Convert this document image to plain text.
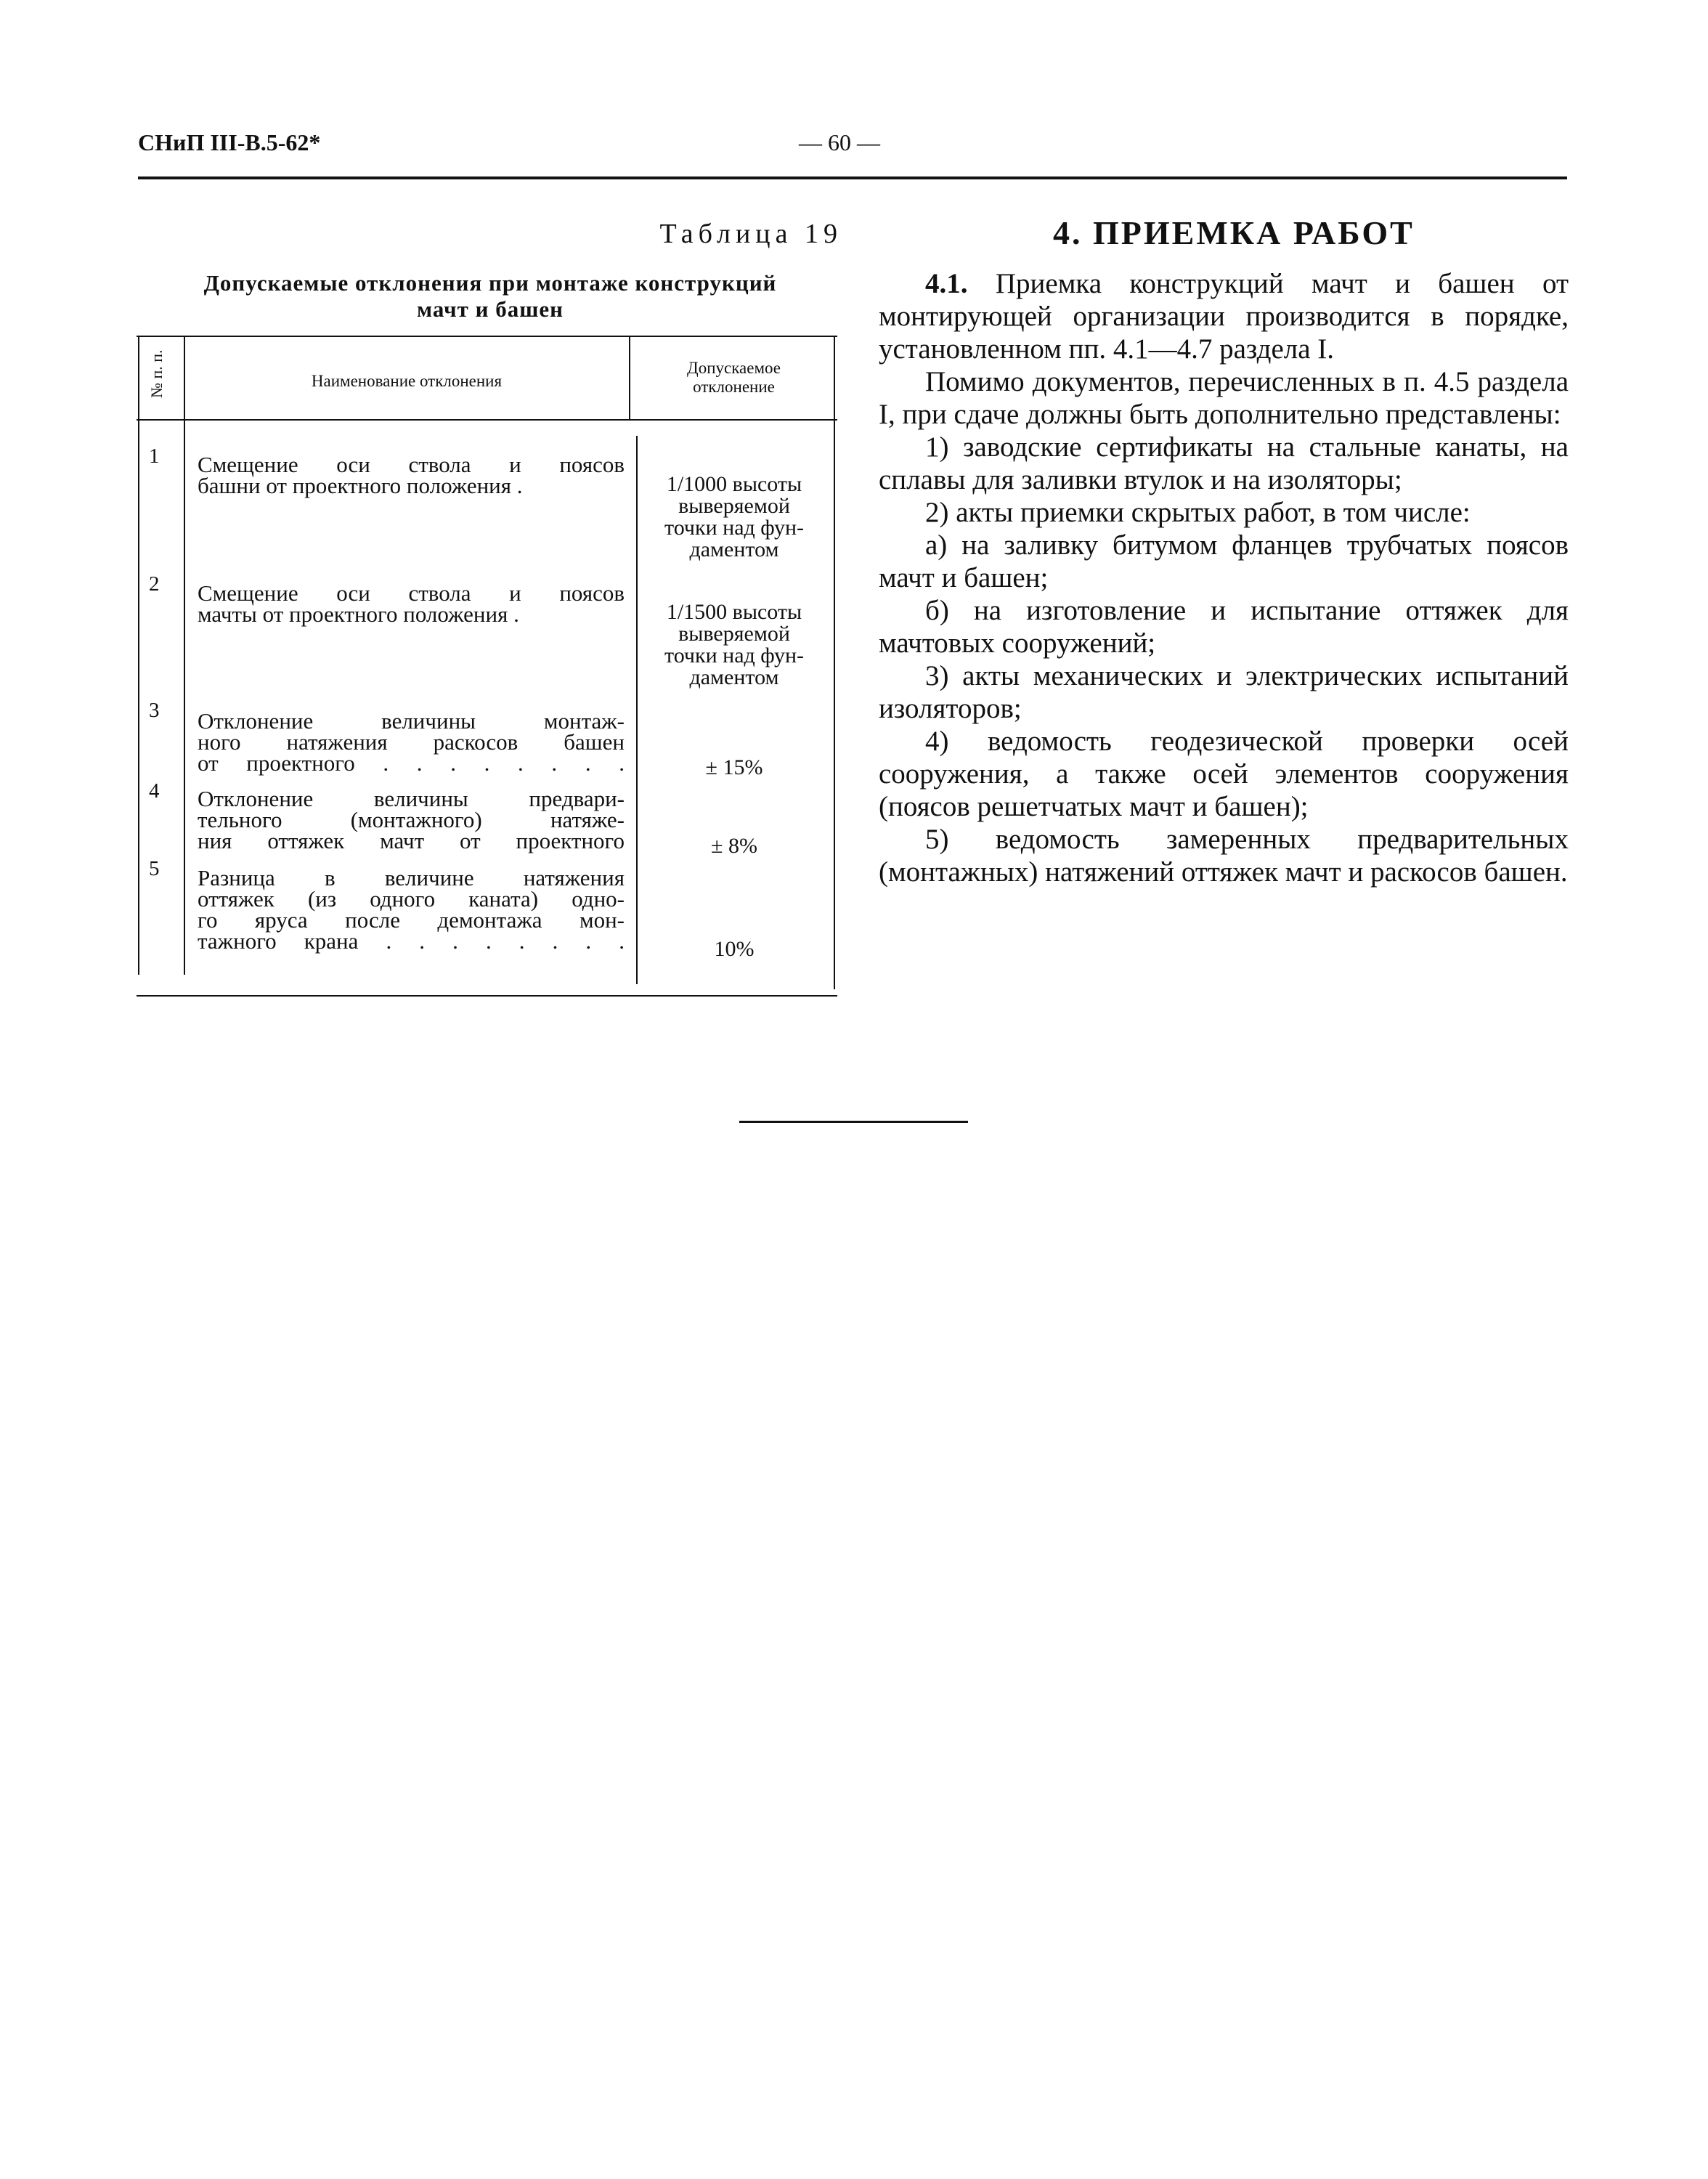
СНиП III-В.5-62*	— 60 —
Таблица 19
Допускаемые отклонения при монтаже конструкций
мачт и башен
№ п. п.	Наименование отклонения
Допускаемое
отклонение
1	Смещение оси ствола и поясов
башни от проектного положения .	1/1000 высоты
выверяемой
точки над фун-
даментом
2	Смещение оси ствола и поясов
мачты от проектного положения .	1/1500 высоты
выверяемой
точки над фун-
даментом
3	Отклонение величины монтаж-
ного натяжения раскосов башен
от проектного . . . . . . . .	± 15%
4	Отклонение величины предвари-
тельного (монтажного) натяже-
ния оттяжек мачт от проектного	± 8%
5	Разница в величине натяжения
оттяжек (из одного каната) одно-
го яруса после демонтажа мон-
тажного крана . . . . . . . .	10%
4. ПРИЕМКА РАБОТ

4.1. Приемка конструкций мачт и башен от монтирующей организации производится в порядке, установленном пп. 4.1—4.7 раздела I.

Помимо документов, перечисленных в п. 4.5 раздела I, при сдаче должны быть дополнительно представлены:

1) заводские сертификаты на стальные канаты, на сплавы для заливки втулок и на изоляторы;

2) акты приемки скрытых работ, в том числе:

а) на заливку битумом фланцев трубчатых поясов мачт и башен;

б) на изготовление и испытание оттяжек для мачтовых сооружений;

3) акты механических и электрических испытаний изоляторов;

4) ведомость геодезической проверки осей сооружения, а также осей элементов сооружения (поясов решетчатых мачт и башен);

5) ведомость замеренных предварительных (монтажных) натяжений оттяжек мачт и раскосов башен.
